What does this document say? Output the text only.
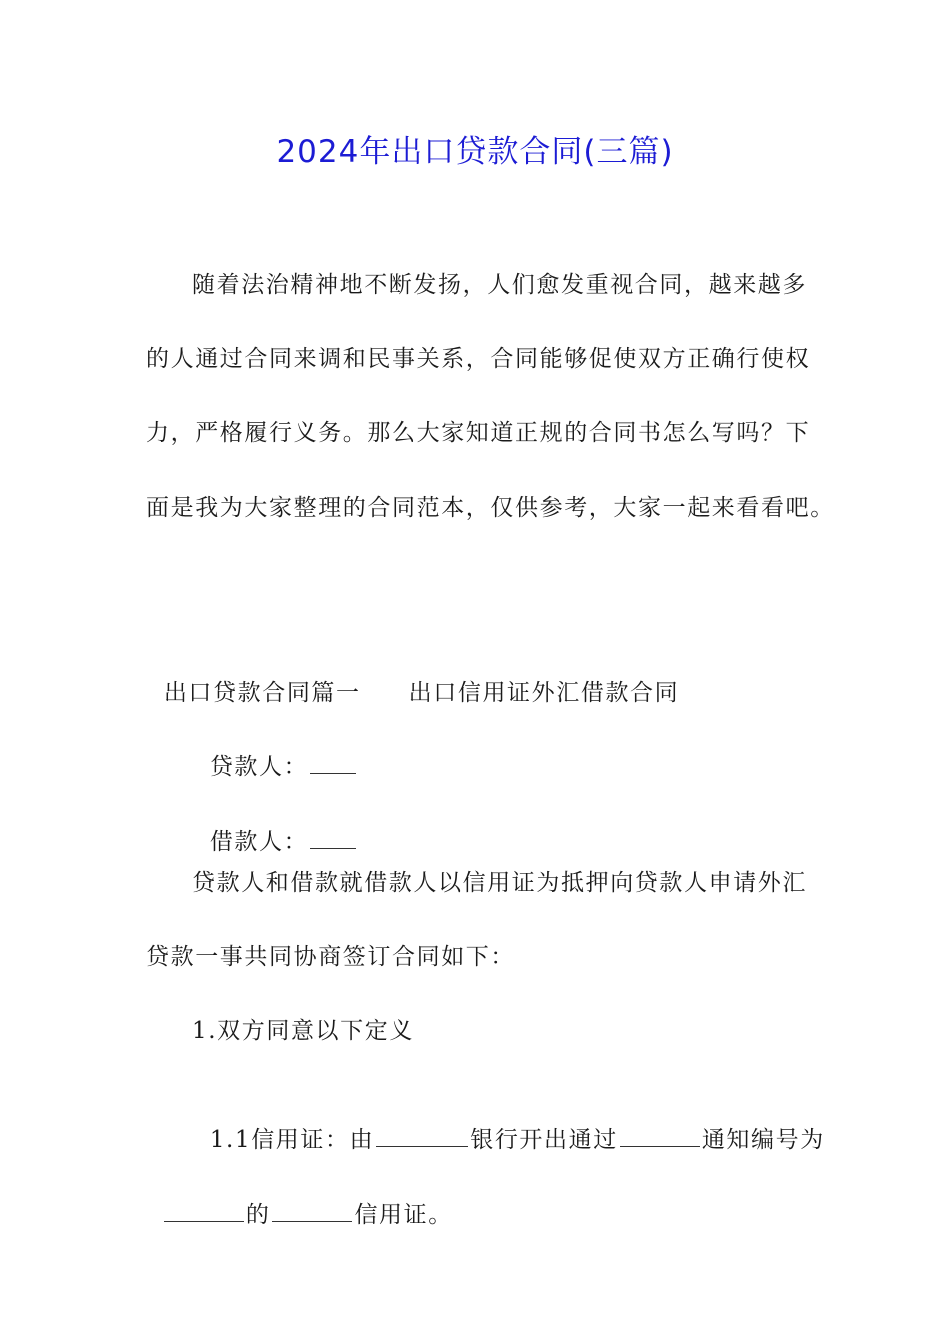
2024年出口贷款合同(三篇)
随着法治精神地不断发扬，人们愈发重视合同，越来越多
的人通过合同来调和民事关系，合同能够促使双方正确行使权
力，严格履行义务。那么大家知道正规的合同书怎么写吗？下
面是我为大家整理的合同范本，仅供参考，大家一起来看看吧。

出口贷款合同篇一 出口信用证外汇借款合同

贷款人：

借款人：

贷款人和借款就借款人以信用证为抵押向贷款人申请外汇
贷款一事共同协商签订合同如下：
1.双方同意以下定义

1.1信用证：由	银行开出通过	通知编号为

的	信用证。
